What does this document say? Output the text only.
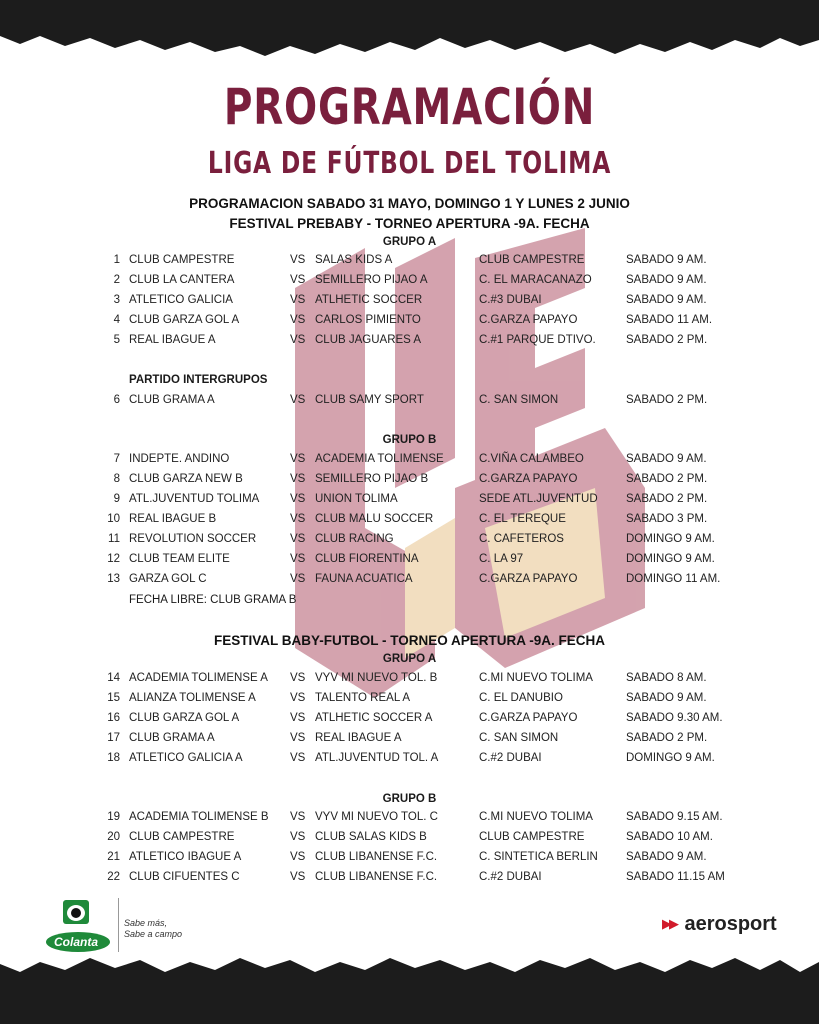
PROGRAMACIÓN
LIGA DE FÚTBOL DEL TOLIMA
PROGRAMACION SABADO 31 MAYO, DOMINGO 1 Y LUNES 2 JUNIO
FESTIVAL PREBABY - TORNEO APERTURA -9A. FECHA
GRUPO A
1 CLUB CAMPESTRE	VS SALAS KIDS A	CLUB CAMPESTRE	SABADO 9 AM.
2 CLUB LA CANTERA	VS SEMILLERO PIJAO A	C. EL MARACANAZO	SABADO 9 AM.
3 ATLETICO GALICIA	VS ATLHETIC SOCCER	C.#3 DUBAI	SABADO 9 AM.
4 CLUB GARZA GOL A	VS CARLOS PIMIENTO	C.GARZA PAPAYO	SABADO 11 AM.
5 REAL IBAGUE A	VS CLUB JAGUARES A	C.#1 PARQUE DTIVO.	SABADO 2 PM.
PARTIDO INTERGRUPOS
6 CLUB GRAMA A	VS CLUB SAMY SPORT	C. SAN SIMON	SABADO 2 PM.
GRUPO B
7 INDEPTE. ANDINO	VS ACADEMIA TOLIMENSE	C.VIÑA CALAMBEO	SABADO 9 AM.
8 CLUB GARZA NEW B	VS SEMILLERO PIJAO B	C.GARZA PAPAYO	SABADO 2 PM.
9 ATL.JUVENTUD TOLIMA	VS UNION TOLIMA	SEDE ATL.JUVENTUD SABADO 2 PM.
10 REAL IBAGUE B	VS CLUB MALU SOCCER	C. EL TEREQUE	SABADO 3 PM.
11 REVOLUTION SOCCER	VS CLUB RACING	C. CAFETEROS	DOMINGO 9 AM.
12 CLUB TEAM ELITE	VS CLUB FIORENTINA	C. LA 97	DOMINGO 9 AM.
13 GARZA GOL C	VS FAUNA ACUATICA	C.GARZA PAPAYO	DOMINGO 11 AM.
FECHA LIBRE: CLUB GRAMA B
FESTIVAL BABY-FUTBOL - TORNEO APERTURA -9A. FECHA
GRUPO A
14 ACADEMIA TOLIMENSE A VS VYV MI NUEVO TOL. B	C.MI NUEVO TOLIMA	SABADO 8 AM.
15 ALIANZA TOLIMENSE A	VS TALENTO REAL A	C. EL DANUBIO	SABADO 9 AM.
16 CLUB GARZA GOL A	VS ATLHETIC SOCCER A	C.GARZA PAPAYO	SABADO 9.30 AM.
17 CLUB GRAMA A	VS REAL IBAGUE A	C. SAN SIMON	SABADO 2 PM.
18 ATLETICO GALICIA A	VS ATL.JUVENTUD TOL. A	C.#2 DUBAI	DOMINGO 9 AM.
GRUPO B
19 ACADEMIA TOLIMENSE B VS VYV MI NUEVO TOL. C	C.MI NUEVO TOLIMA	SABADO 9.15 AM.
20 CLUB CAMPESTRE	VS CLUB SALAS KIDS B	CLUB CAMPESTRE	SABADO 10 AM.
21 ATLETICO IBAGUE A	VS CLUB LIBANENSE F.C.	C. SINTETICA BERLIN SABADO 9 AM.
22 CLUB CIFUENTES C	VS CLUB LIBANENSE F.C.	C.#2 DUBAI	SABADO 11.15 AM
Colanta
Sabe más,
Sabe a campo
▶▶ aerosport
